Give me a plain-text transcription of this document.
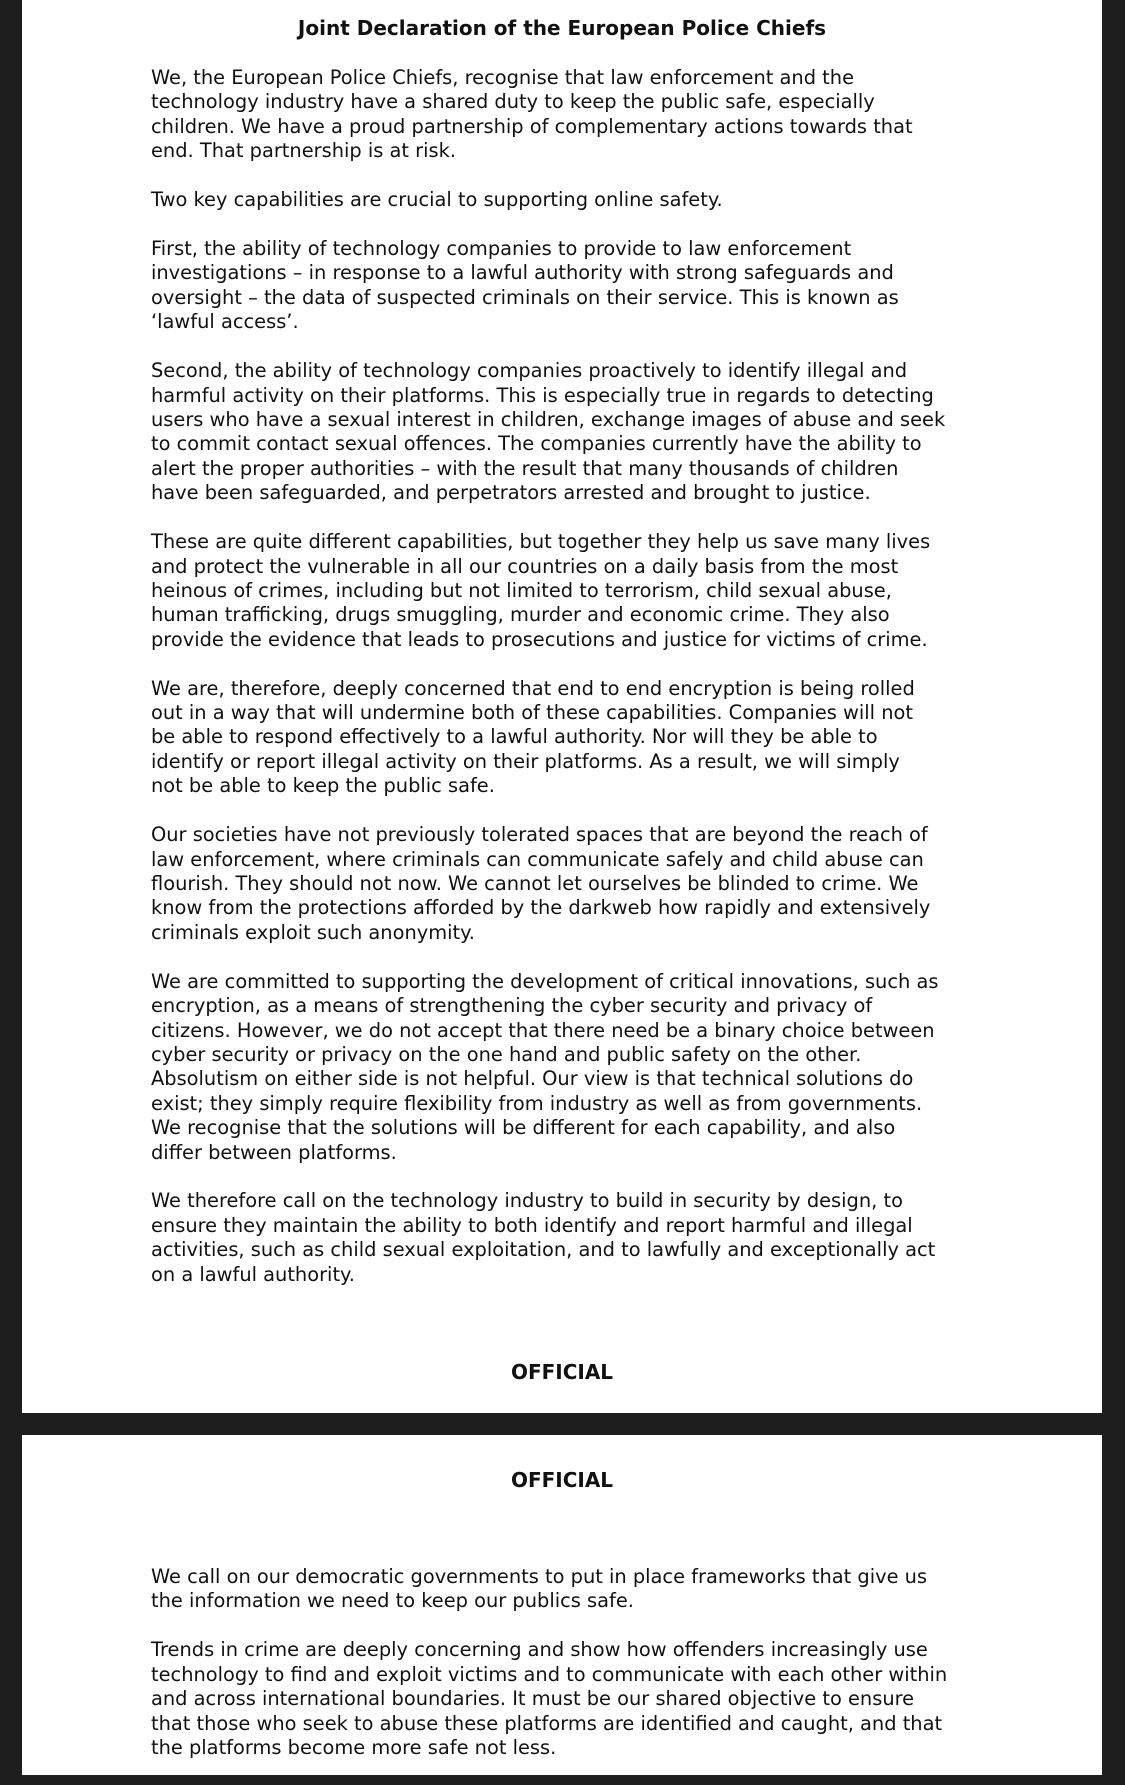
Joint Declaration of the European Police Chiefs

We, the European Police Chiefs, recognise that law enforcement and the
technology industry have a shared duty to keep the public safe, especially
children. We have a proud partnership of complementary actions towards that
end. That partnership is at risk.

Two key capabilities are crucial to supporting online safety.

First, the ability of technology companies to provide to law enforcement
investigations – in response to a lawful authority with strong safeguards and
oversight – the data of suspected criminals on their service. This is known as
‘lawful access’.

Second, the ability of technology companies proactively to identify illegal and
harmful activity on their platforms. This is especially true in regards to detecting
users who have a sexual interest in children, exchange images of abuse and seek
to commit contact sexual offences. The companies currently have the ability to
alert the proper authorities – with the result that many thousands of children
have been safeguarded, and perpetrators arrested and brought to justice.

These are quite different capabilities, but together they help us save many lives
and protect the vulnerable in all our countries on a daily basis from the most
heinous of crimes, including but not limited to terrorism, child sexual abuse,
human trafficking, drugs smuggling, murder and economic crime. They also
provide the evidence that leads to prosecutions and justice for victims of crime.

We are, therefore, deeply concerned that end to end encryption is being rolled
out in a way that will undermine both of these capabilities. Companies will not
be able to respond effectively to a lawful authority. Nor will they be able to
identify or report illegal activity on their platforms. As a result, we will simply
not be able to keep the public safe.

Our societies have not previously tolerated spaces that are beyond the reach of
law enforcement, where criminals can communicate safely and child abuse can
flourish. They should not now. We cannot let ourselves be blinded to crime. We
know from the protections afforded by the darkweb how rapidly and extensively
criminals exploit such anonymity.

We are committed to supporting the development of critical innovations, such as
encryption, as a means of strengthening the cyber security and privacy of
citizens. However, we do not accept that there need be a binary choice between
cyber security or privacy on the one hand and public safety on the other.
Absolutism on either side is not helpful. Our view is that technical solutions do
exist; they simply require flexibility from industry as well as from governments.
We recognise that the solutions will be different for each capability, and also
differ between platforms.

We therefore call on the technology industry to build in security by design, to
ensure they maintain the ability to both identify and report harmful and illegal
activities, such as child sexual exploitation, and to lawfully and exceptionally act
on a lawful authority.

OFFICIAL
OFFICIAL

We call on our democratic governments to put in place frameworks that give us
the information we need to keep our publics safe.

Trends in crime are deeply concerning and show how offenders increasingly use
technology to find and exploit victims and to communicate with each other within
and across international boundaries. It must be our shared objective to ensure
that those who seek to abuse these platforms are identified and caught, and that
the platforms become more safe not less.
